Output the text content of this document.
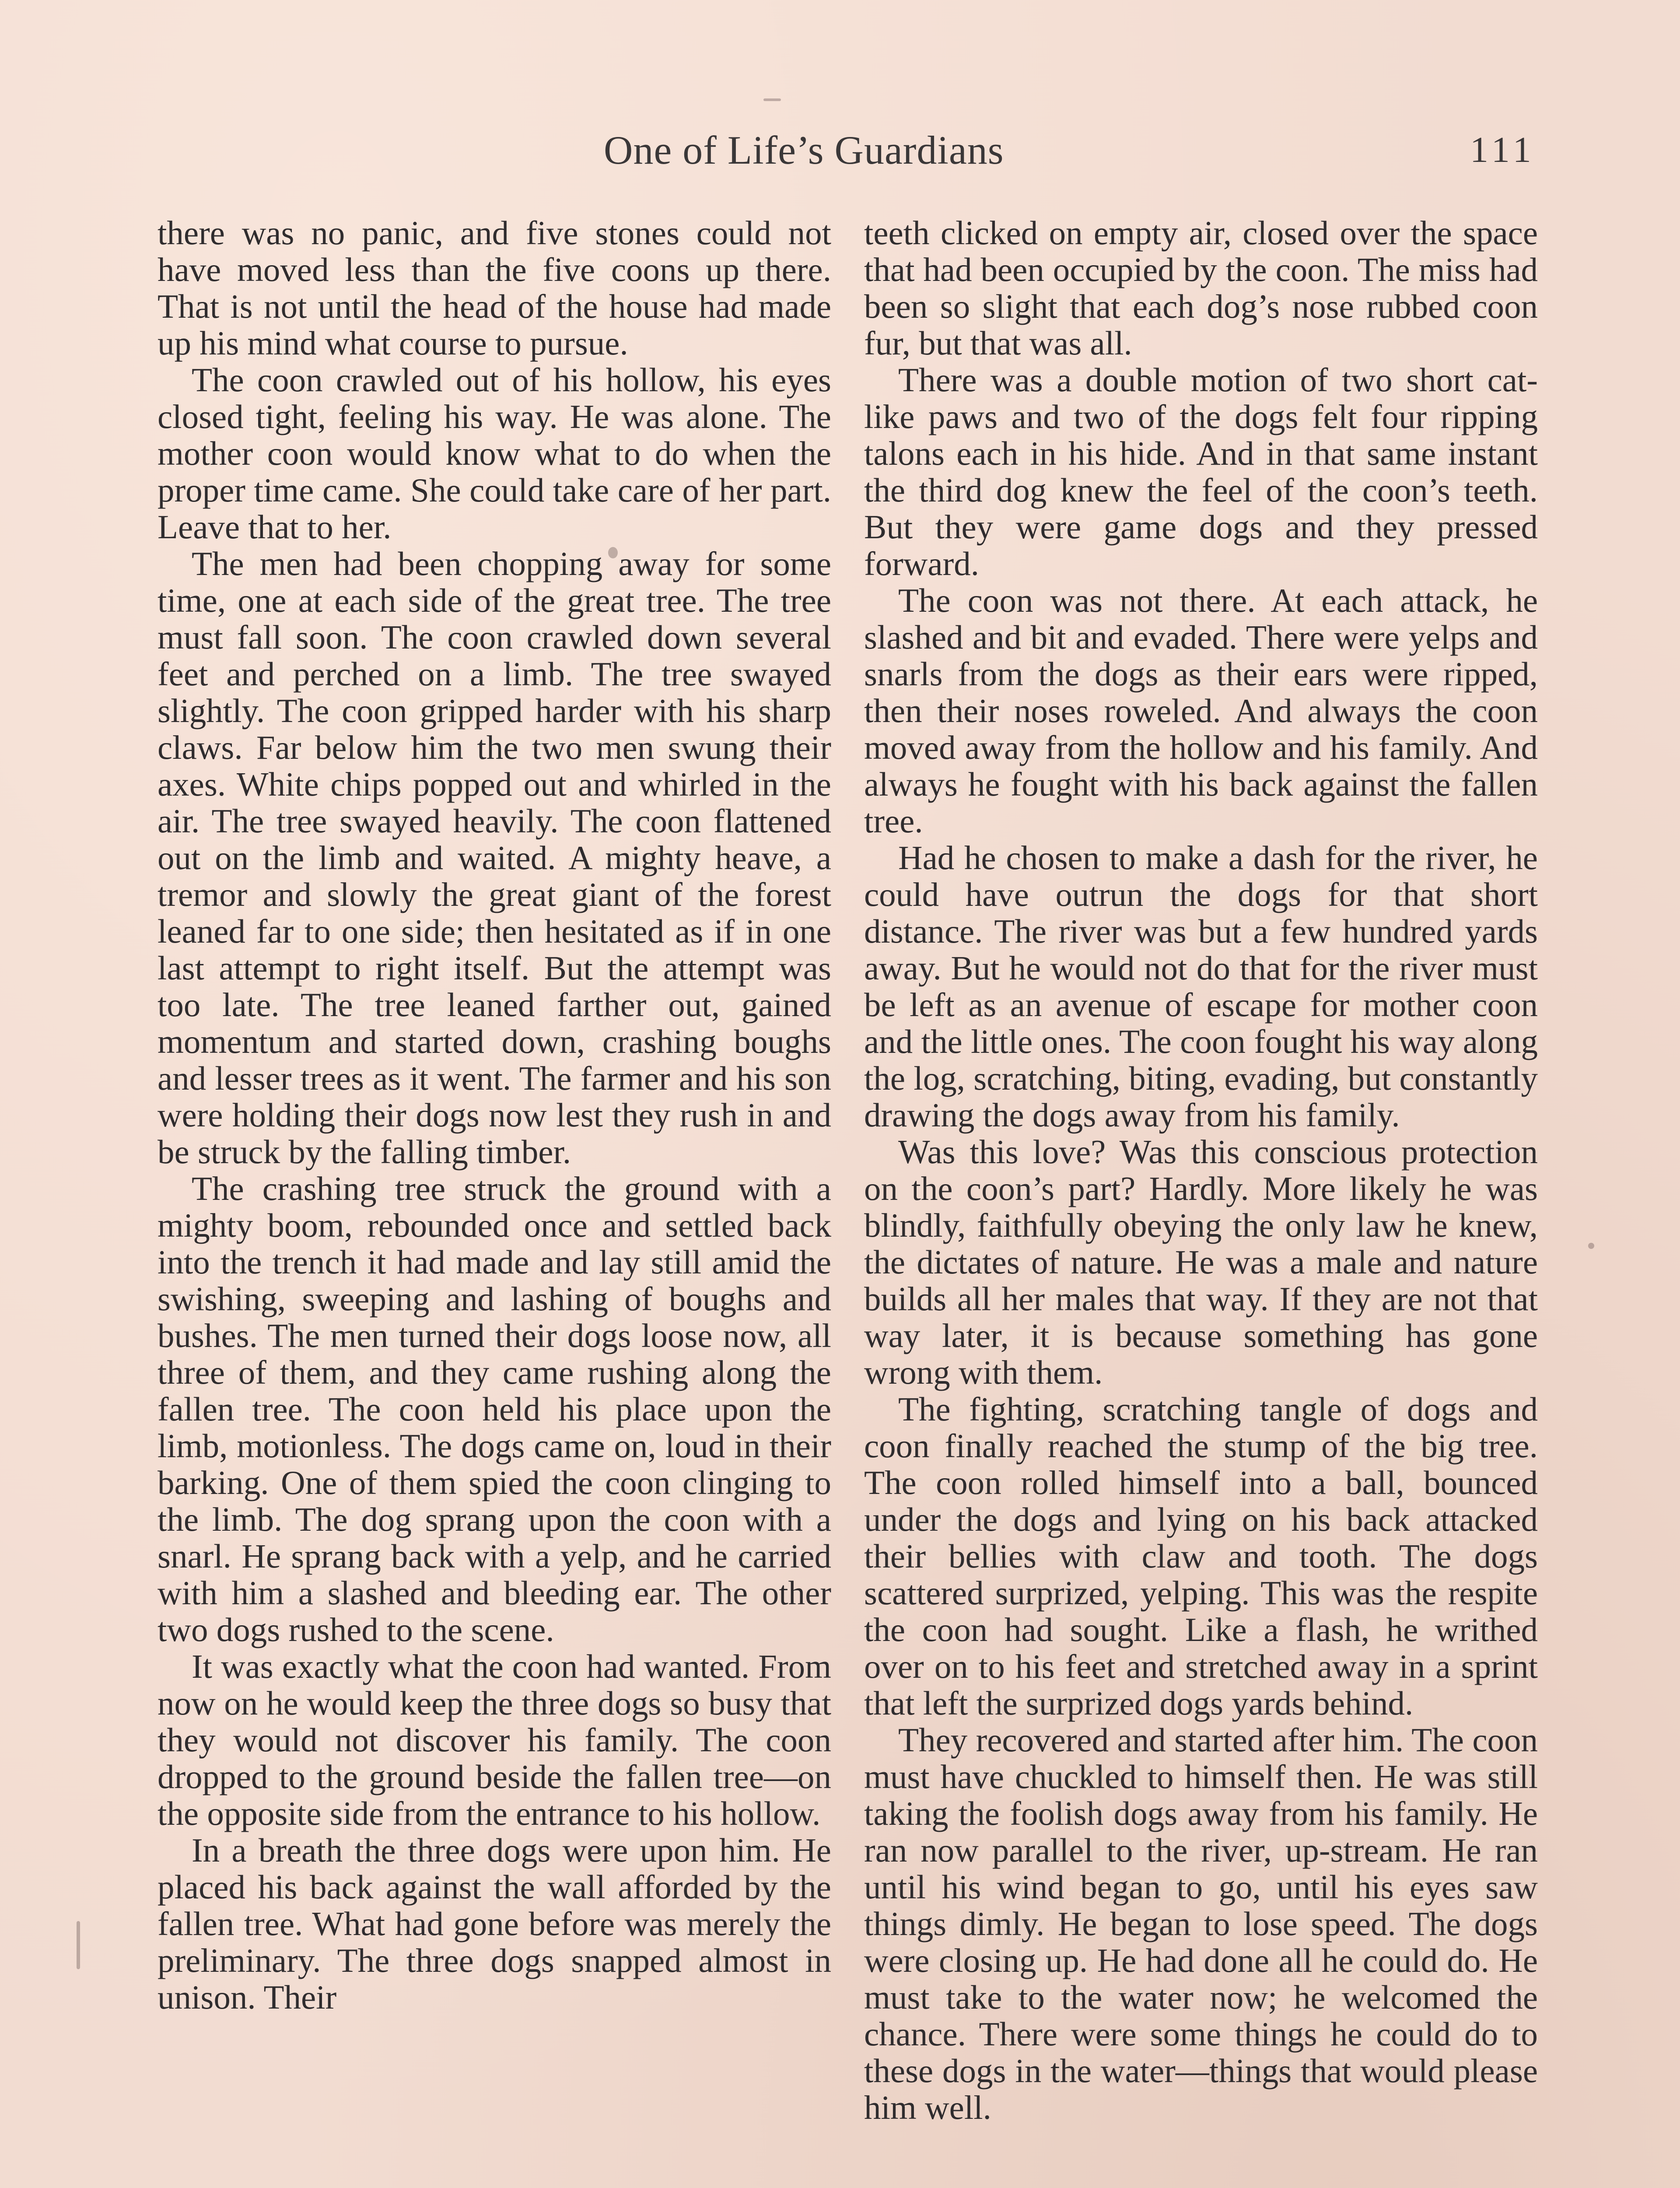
One of Life’s Guardians	111

there was no panic, and five stones could not have moved less than the five coons up there. That is not until the head of the house had made up his mind what course to pursue.

The coon crawled out of his hollow, his eyes closed tight, feeling his way. He was alone. The mother coon would know what to do when the proper time came. She could take care of her part. Leave that to her.

The men had been chopping away for some time, one at each side of the great tree. The tree must fall soon. The coon crawled down several feet and perched on a limb. The tree swayed slightly. The coon gripped harder with his sharp claws. Far below him the two men swung their axes. White chips popped out and whirled in the air. The tree swayed heavily. The coon flattened out on the limb and waited. A mighty heave, a tremor and slowly the great giant of the forest leaned far to one side; then hesitated as if in one last attempt to right itself. But the attempt was too late. The tree leaned farther out, gained momentum and started down, crashing boughs and lesser trees as it went. The farmer and his son were holding their dogs now lest they rush in and be struck by the falling timber.

The crashing tree struck the ground with a mighty boom, rebounded once and settled back into the trench it had made and lay still amid the swishing, sweeping and lashing of boughs and bushes. The men turned their dogs loose now, all three of them, and they came rushing along the fallen tree. The coon held his place upon the limb, motionless. The dogs came on, loud in their barking. One of them spied the coon clinging to the limb. The dog sprang upon the coon with a snarl. He sprang back with a yelp, and he carried with him a slashed and bleeding ear. The other two dogs rushed to the scene.

It was exactly what the coon had wanted. From now on he would keep the three dogs so busy that they would not discover his family. The coon dropped to the ground beside the fallen tree—on the opposite side from the entrance to his hollow.

In a breath the three dogs were upon him. He placed his back against the wall afforded by the fallen tree. What had gone before was merely the preliminary. The three dogs snapped almost in unison. Their

teeth clicked on empty air, closed over the space that had been occupied by the coon. The miss had been so slight that each dog’s nose rubbed coon fur, but that was all.

There was a double motion of two short cat-like paws and two of the dogs felt four ripping talons each in his hide. And in that same instant the third dog knew the feel of the coon’s teeth. But they were game dogs and they pressed forward.

The coon was not there. At each attack, he slashed and bit and evaded. There were yelps and snarls from the dogs as their ears were ripped, then their noses roweled. And always the coon moved away from the hollow and his family. And always he fought with his back against the fallen tree.

Had he chosen to make a dash for the river, he could have outrun the dogs for that short distance. The river was but a few hundred yards away. But he would not do that for the river must be left as an avenue of escape for mother coon and the little ones. The coon fought his way along the log, scratching, biting, evading, but constantly drawing the dogs away from his family.

Was this love? Was this conscious protection on the coon’s part? Hardly. More likely he was blindly, faithfully obeying the only law he knew, the dictates of nature. He was a male and nature builds all her males that way. If they are not that way later, it is because something has gone wrong with them.

The fighting, scratching tangle of dogs and coon finally reached the stump of the big tree. The coon rolled himself into a ball, bounced under the dogs and lying on his back attacked their bellies with claw and tooth. The dogs scattered surprized, yelping. This was the respite the coon had sought. Like a flash, he writhed over on to his feet and stretched away in a sprint that left the surprized dogs yards behind.

They recovered and started after him. The coon must have chuckled to himself then. He was still taking the foolish dogs away from his family. He ran now parallel to the river, up-stream. He ran until his wind began to go, until his eyes saw things dimly. He began to lose speed. The dogs were closing up. He had done all he could do. He must take to the water now; he welcomed the chance. There were some things he could do to these dogs in the water—things that would please him well.
